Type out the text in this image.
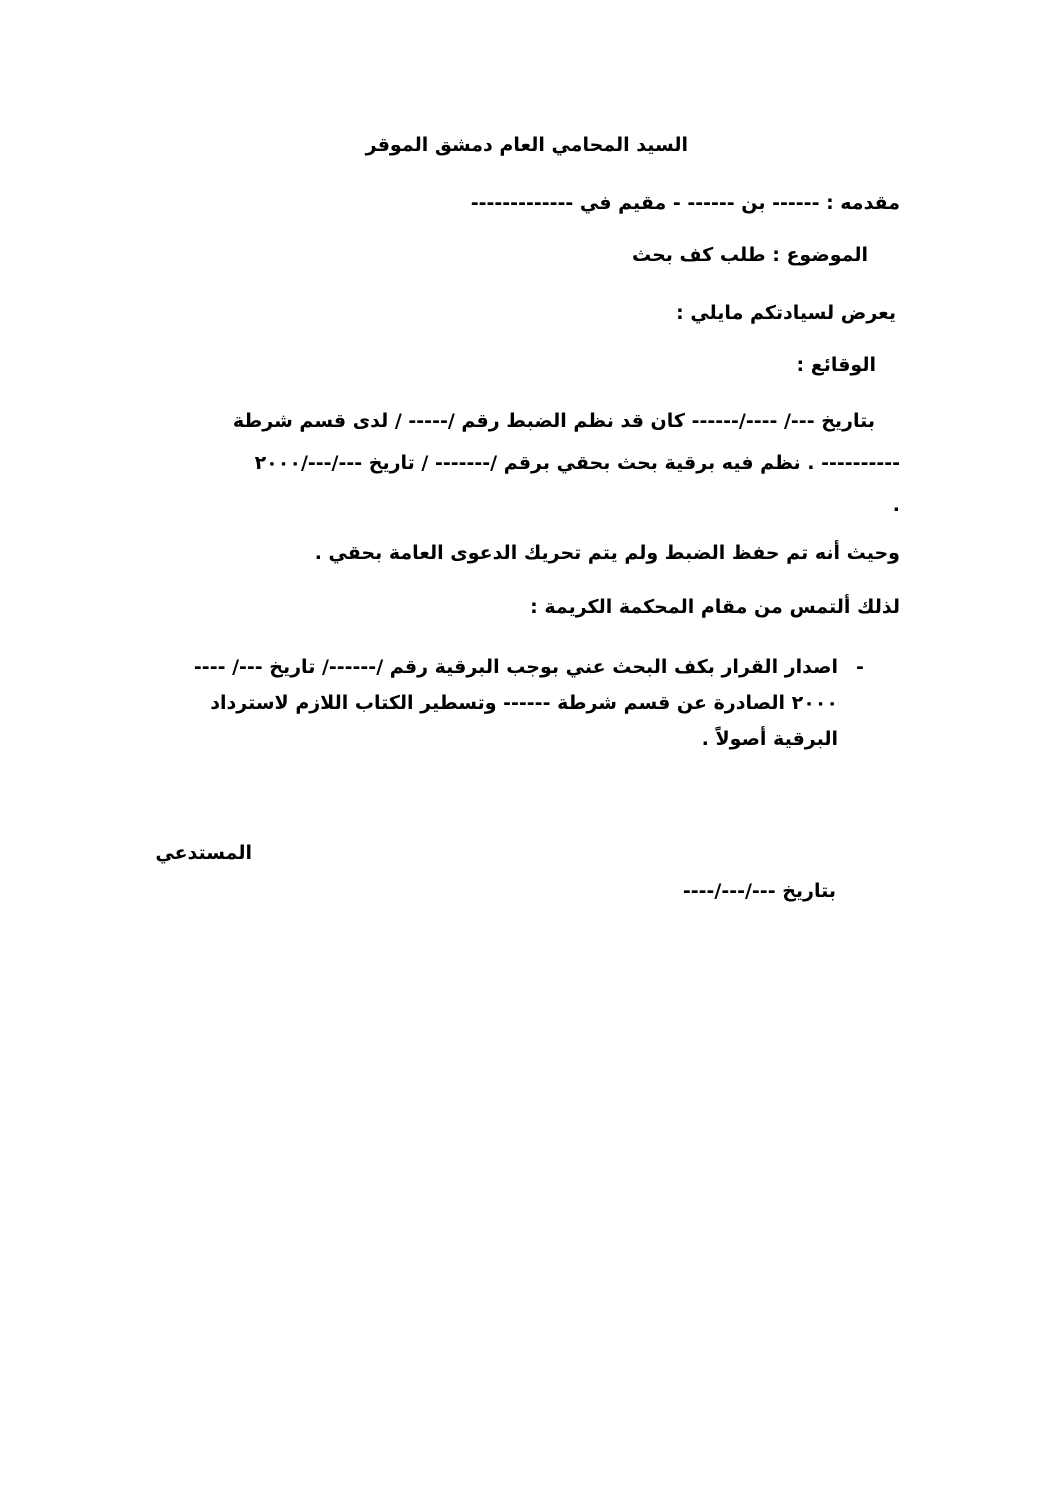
السيد المحامي العام دمشق الموقر
مقدمه : ------ بن ------ - مقيم في -------------
الموضوع : طلب كف بحث
يعرض لسيادتكم مايلي :
الوقائع :
بتاريخ ---/ ----/------ كان قد نظم الضبط رقم /----- / لدى قسم شرطة
---------- . نظم فيه برقية بحث بحقي برقم /------- / تاريخ ---/---/٢٠٠٠
.
وحيث أنه تم حفظ الضبط ولم يتم تحريك الدعوى العامة بحقي .
لذلك ألتمس من مقام المحكمة الكريمة :
-
اصدار القرار بكف البحث عني بوجب البرقية رقم /------/ تاريخ ---/ ----
٢٠٠٠ الصادرة عن قسم شرطة ------ وتسطير الكتاب اللازم لاسترداد
البرقية أصولاً .
المستدعي
بتاريخ ---/---/----
